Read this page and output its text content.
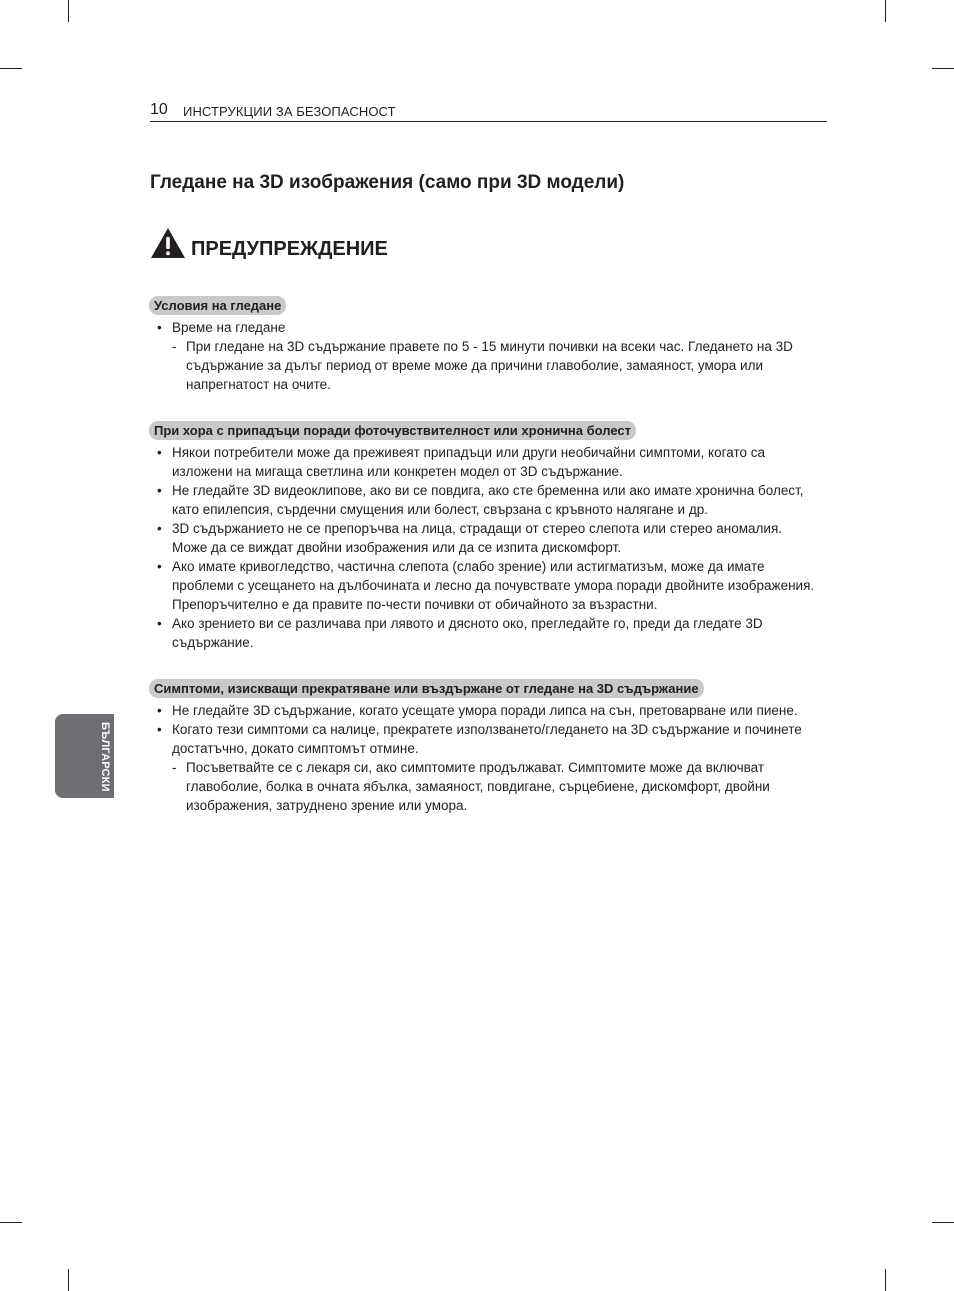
10 ИНСТРУКЦИИ ЗА БЕЗОПАСНОСТ
Гледане на 3D изображения (само при 3D модели)
ПРЕДУПРЕЖДЕНИЕ
Условия на гледане
• Време на гледане
- При гледане на 3D съдържание правете по 5 - 15 минути почивки на всеки час. Гледането на 3D съдържание за дълъг период от време може да причини главоболие, замаяност, умора или напрегнатост на очите.
При хора с припадъци поради фоточувствителност или хронична болест
• Някои потребители може да преживеят припадъци или други необичайни симптоми, когато са изложени на мигаща светлина или конкретен модел от 3D съдържание.
• Не гледайте 3D видеоклипове, ако ви се повдига, ако сте бременна или ако имате хронична болест, като епилепсия, сърдечни смущения или болест, свързана с кръвното налягане и др.
• 3D съдържанието не се препоръчва на лица, страдащи от стерео слепота или стерео аномалия. Може да се виждат двойни изображения или да се изпита дискомфорт.
• Ако имате кривогледство, частична слепота (слабо зрение) или астигматизъм, може да имате проблеми с усещането на дълбочината и лесно да почувствате умора поради двойните изображения. Препоръчително е да правите по-чести почивки от обичайното за възрастни.
• Ако зрението ви се различава при лявото и дясното око, прегледайте го, преди да гледате 3D съдържание.
Симптоми, изискващи прекратяване или въздържане от гледане на 3D съдържание
• Не гледайте 3D съдържание, когато усещате умора поради липса на сън, претоварване или пиене.
• Когато тези симптоми са налице, прекратете използването/гледането на 3D съдържание и починете достатъчно, докато симптомът отмине.
- Посъветвайте се с лекаря си, ако симптомите продължават. Симптомите може да включват главоболие, болка в очната ябълка, замаяност, повдигане, сърцебиене, дискомфорт, двойни изображения, затруднено зрение или умора.
БЪЛГАРСКИ
